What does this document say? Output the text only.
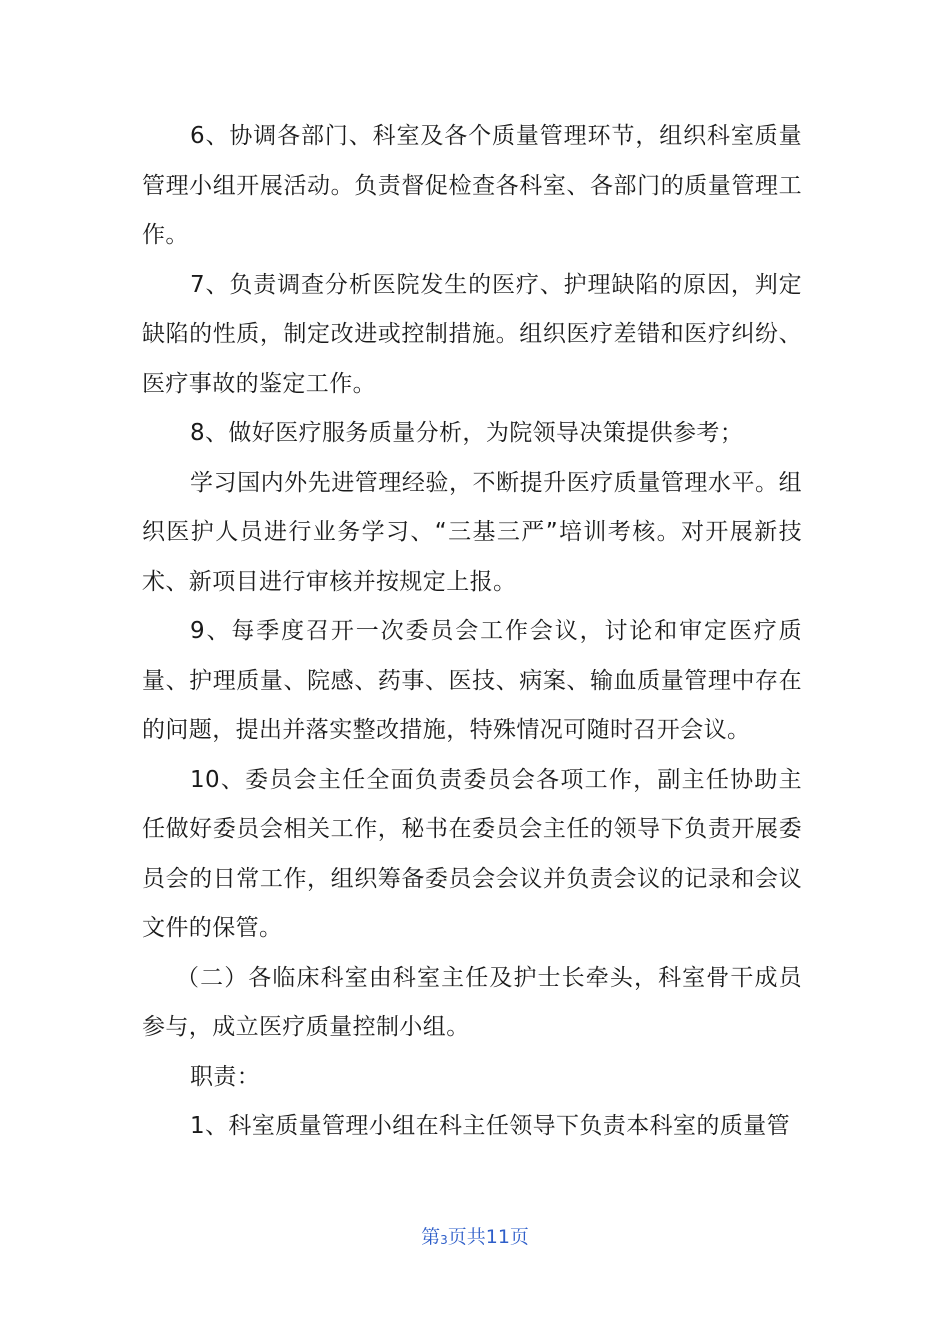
6、协调各部门、科室及各个质量管理环节，组织科室质量管理小组开展活动。负责督促检查各科室、各部门的质量管理工作。

7、负责调查分析医院发生的医疗、护理缺陷的原因，判定缺陷的性质，制定改进或控制措施。组织医疗差错和医疗纠纷、医疗事故的鉴定工作。

8、做好医疗服务质量分析，为院领导决策提供参考；

学习国内外先进管理经验，不断提升医疗质量管理水平。组织医护人员进行业务学习、“三基三严”培训考核。对开展新技术、新项目进行审核并按规定上报。

9、每季度召开一次委员会工作会议，讨论和审定医疗质量、护理质量、院感、药事、医技、病案、输血质量管理中存在的问题，提出并落实整改措施，特殊情况可随时召开会议。

10、委员会主任全面负责委员会各项工作，副主任协助主任做好委员会相关工作，秘书在委员会主任的领导下负责开展委员会的日常工作，组织筹备委员会会议并负责会议的记录和会议文件的保管。

（二）各临床科室由科室主任及护士长牵头，科室骨干成员参与，成立医疗质量控制小组。

职责：

1、科室质量管理小组在科主任领导下负责本科室的质量管

第3页共11页
